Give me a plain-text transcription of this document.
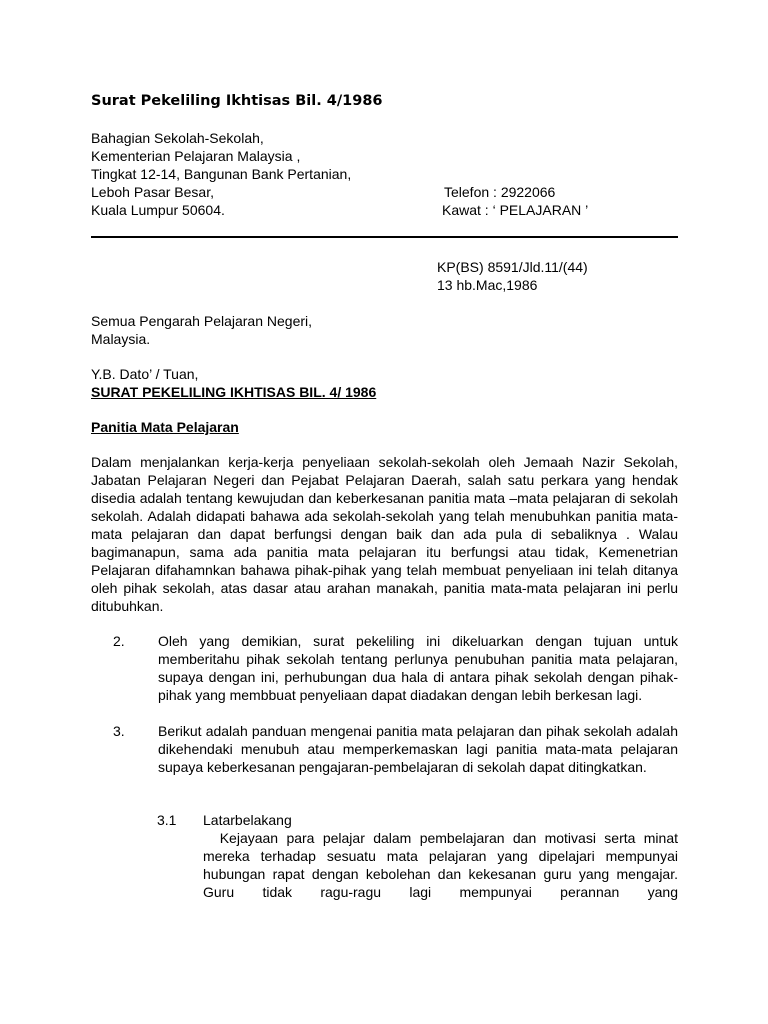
Surat Pekeliling Ikhtisas Bil. 4/1986
Bahagian Sekolah-Sekolah,
Kementerian Pelajaran Malaysia ,
Tingkat 12-14, Bangunan Bank Pertanian,
Leboh Pasar Besar,	Telefon : 2922066
Kuala Lumpur 50604.	Kawat : ‘ PELAJARAN ’
KP(BS) 8591/Jld.11/(44)
13 hb.Mac,1986
Semua Pengarah Pelajaran Negeri,
Malaysia.
Y.B. Dato’ / Tuan,
SURAT PEKELILING IKHTISAS BIL. 4/ 1986
Panitia Mata Pelajaran
Dalam menjalankan kerja-kerja penyeliaan sekolah-sekolah oleh Jemaah Nazir Sekolah, Jabatan Pelajaran Negeri dan Pejabat Pelajaran Daerah, salah satu perkara yang hendak disedia adalah tentang kewujudan dan keberkesanan panitia mata –mata pelajaran di sekolah sekolah. Adalah didapati bahawa ada sekolah-sekolah yang telah menubuhkan panitia mata-mata pelajaran dan dapat berfungsi dengan baik dan ada pula di sebaliknya . Walau bagimanapun, sama ada panitia mata pelajaran itu berfungsi atau tidak, Kemenetrian Pelajaran difahamnkan bahawa pihak-pihak yang telah membuat penyeliaan ini telah ditanya oleh pihak sekolah, atas dasar atau arahan manakah, panitia mata-mata pelajaran ini perlu ditubuhkan.
2. Oleh yang demikian, surat pekeliling ini dikeluarkan dengan tujuan untuk memberitahu pihak sekolah tentang perlunya penubuhan panitia mata pelajaran, supaya dengan ini, perhubungan dua hala di antara pihak sekolah dengan pihak-pihak yang membbuat penyeliaan dapat diadakan dengan lebih berkesan lagi.
3. Berikut adalah panduan mengenai panitia mata pelajaran dan pihak sekolah adalah dikehendaki menubuh atau memperkemaskan lagi panitia mata-mata pelajaran supaya keberkesanan pengajaran-pembelajaran di sekolah dapat ditingkatkan.
3.1 Latarbelakang
Kejayaan para pelajar dalam pembelajaran dan motivasi serta minat mereka terhadap sesuatu mata pelajaran yang dipelajari mempunyai hubungan rapat dengan kebolehan dan kekesanan guru yang mengajar.  Guru tidak ragu-ragu lagi mempunyai perannan yang
